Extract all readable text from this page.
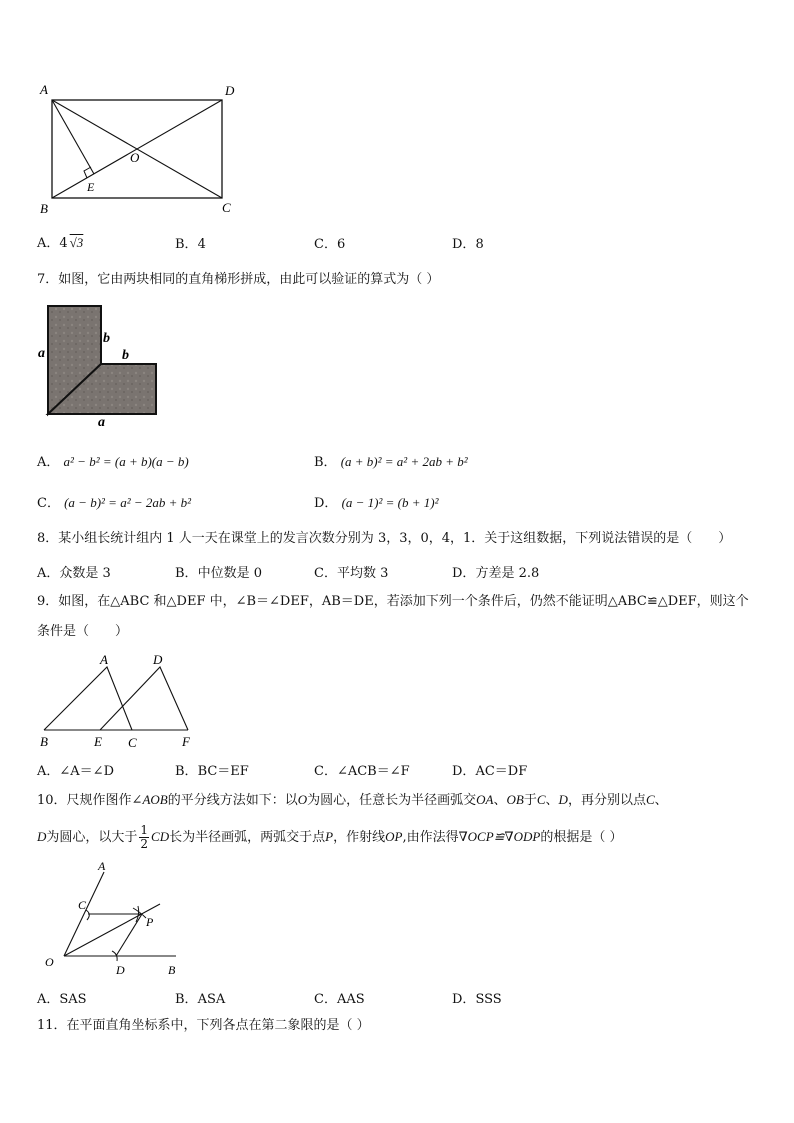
A	D
B	C
O
E
A．4 √3	B．4	C．6	D．8
7．如图，它由两块相同的直角梯形拼成，由此可以验证的算式为（ ）
a
b
b
a
A． a² − b² = (a + b)(a − b)	B． (a + b)² = a² + 2ab + b²
C． (a − b)² = a² − 2ab + b²	D． (a − 1)² = (b + 1)²
8．某小组长统计组内 1 人一天在课堂上的发言次数分别为 3，3，0，4，1．关于这组数据，下列说法错误的是（　　）
A．众数是 3	B．中位数是 0	C．平均数 3	D．方差是 2.8
9．如图，在△ABC 和△DEF 中，∠B＝∠DEF，AB＝DE，若添加下列一个条件后，仍然不能证明△ABC≌△DEF，则这个
条件是（　　）
A	D
B	E C	F
A．∠A＝∠D	B．BC＝EF	C．∠ACB＝∠F	D．AC＝DF
10．尺规作图作∠AOB的平分线方法如下：以O为圆心，任意长为半径画弧交OA、OB于C、D，再分别以点C、
D为圆心，以大于 $\frac{1}{2}$ CD长为半径画弧，两弧交于点P，作射线OP,由作法得∇OCP≌∇ODP的根据是（ ）
A
C
P
O
D	B
A．SAS	B．ASA	C．AAS	D．SSS
11．在平面直角坐标系中，下列各点在第二象限的是（ ）
